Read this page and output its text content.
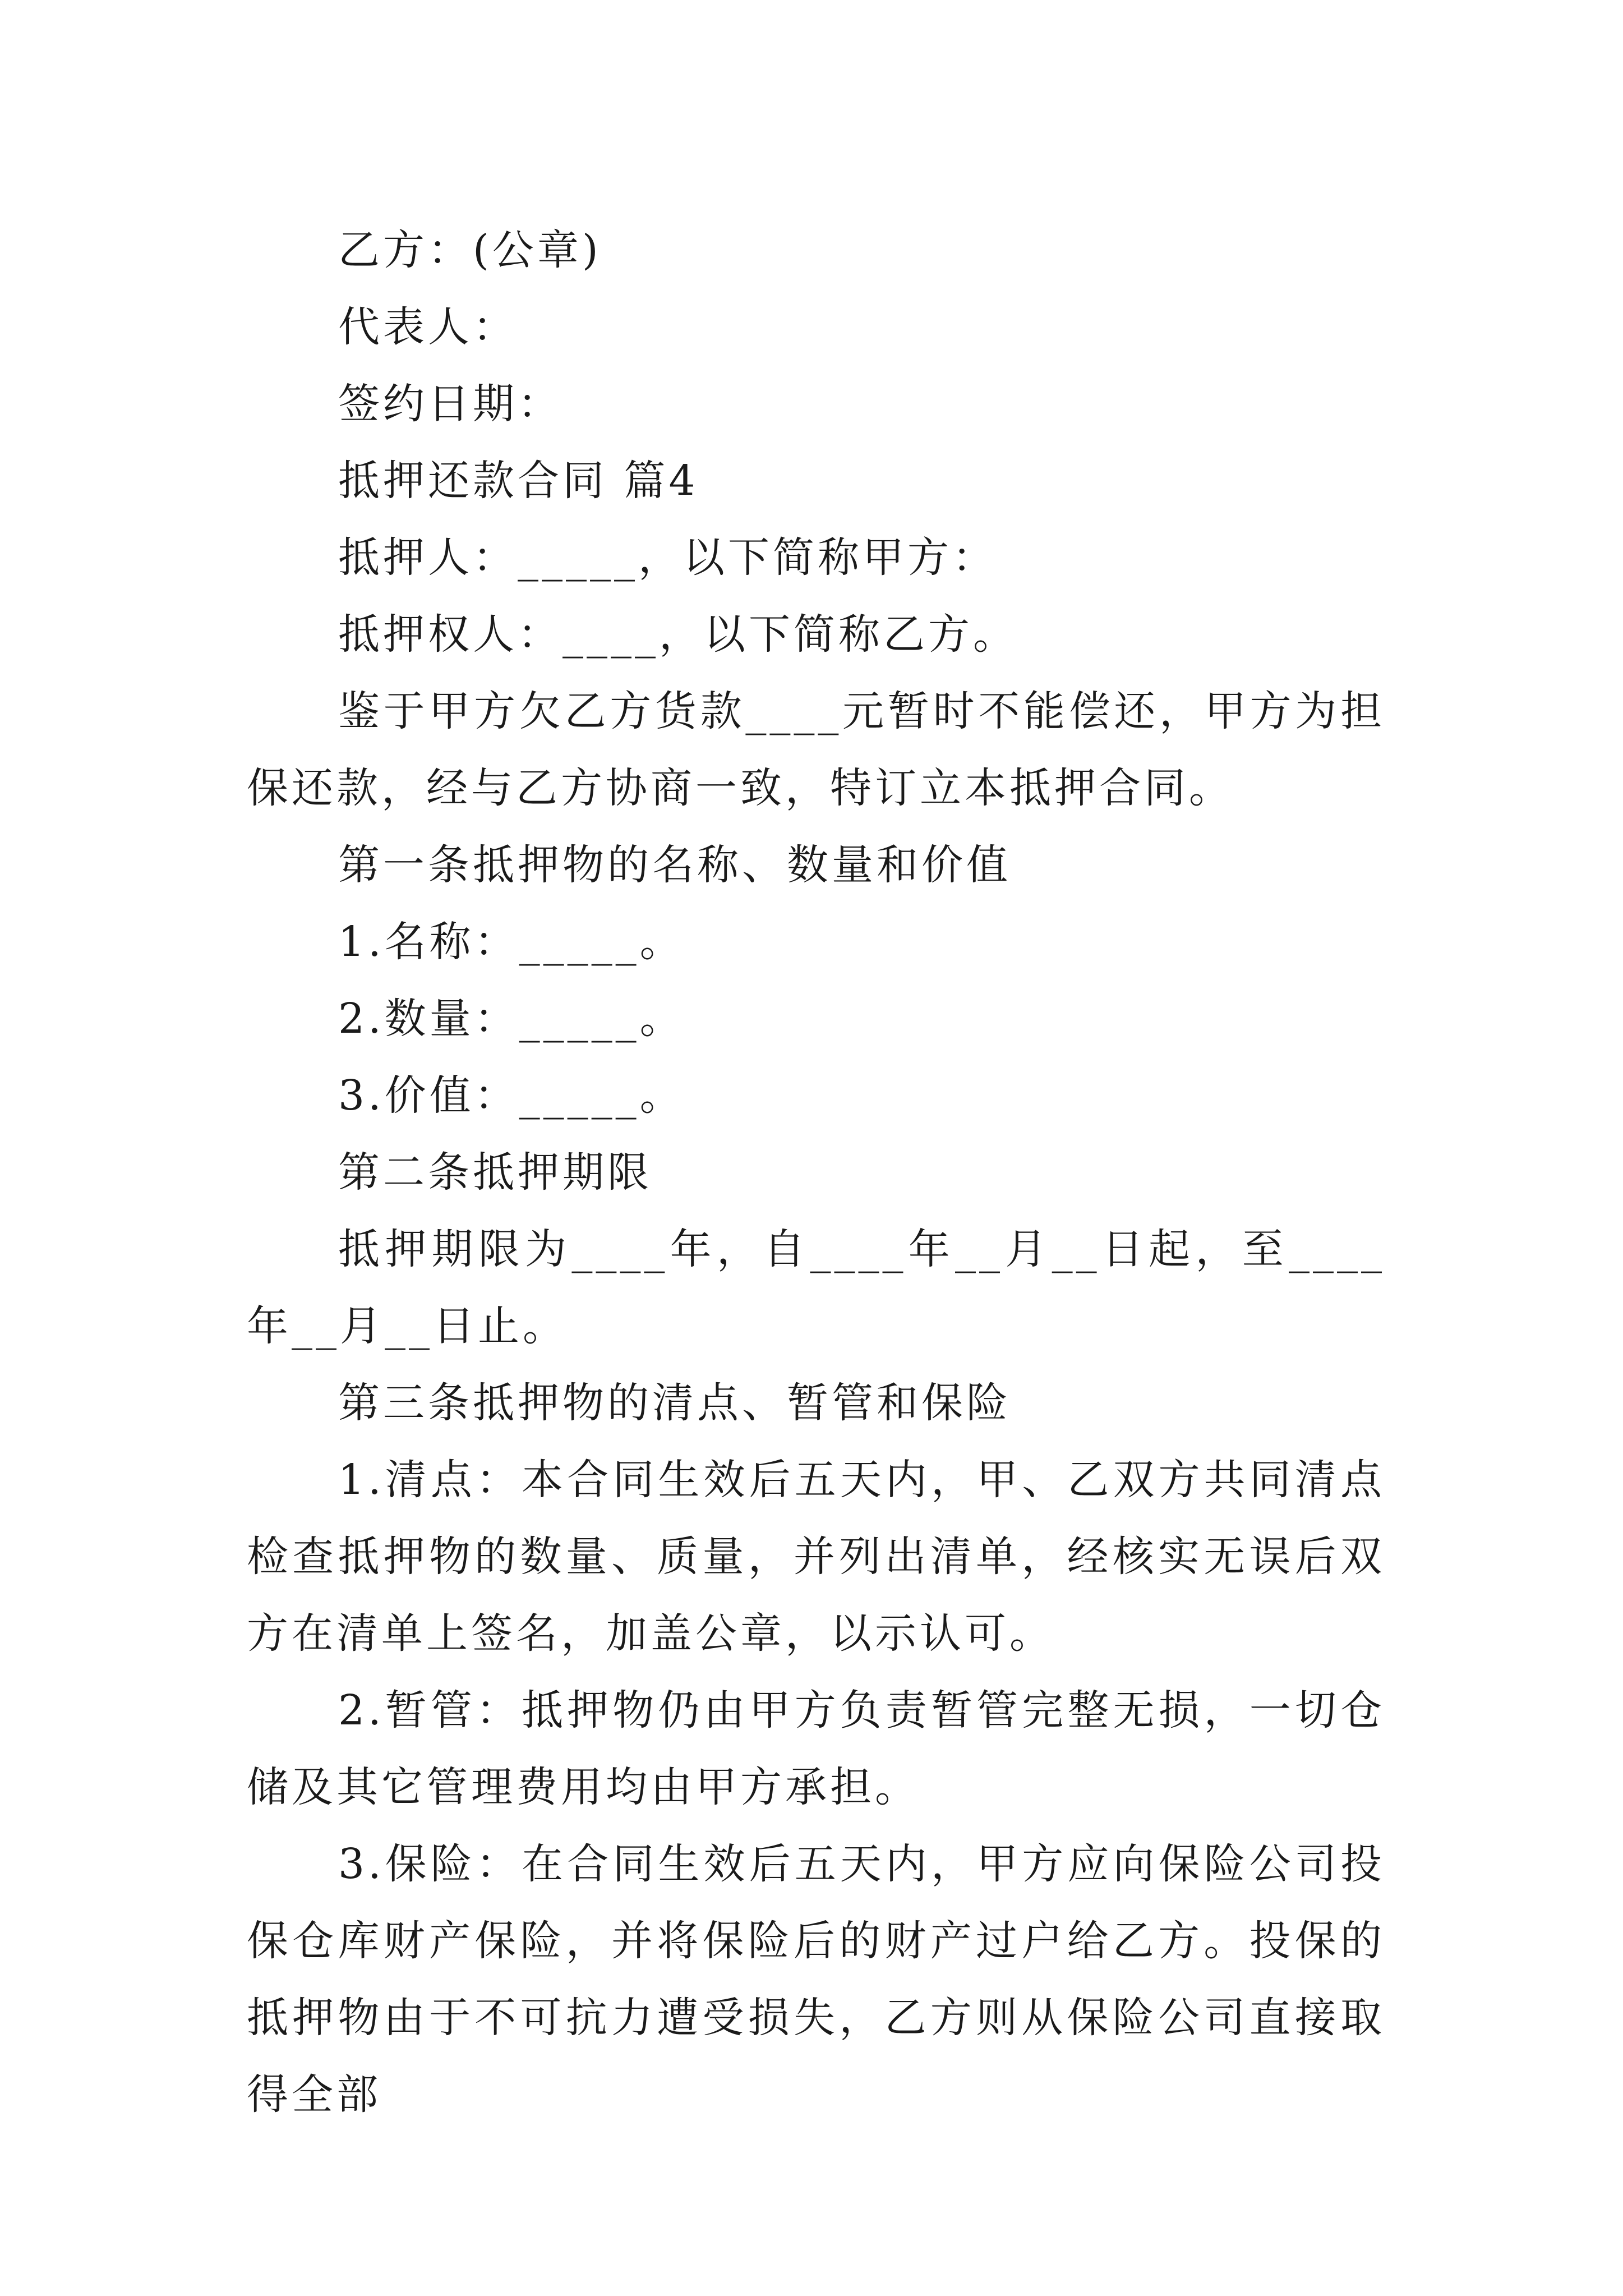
乙方：(公章)

代表人：

签约日期：

抵押还款合同 篇4

抵押人：_____，以下简称甲方：

抵押权人：____，以下简称乙方。

鉴于甲方欠乙方货款____元暂时不能偿还，甲方为担保还款，经与乙方协商一致，特订立本抵押合同。

第一条抵押物的名称、数量和价值

1.名称：_____。

2.数量：_____。

3.价值：_____。

第二条抵押期限

抵押期限为____年，自____年__月__日起，至____年__月__日止。

第三条抵押物的清点、暂管和保险

1.清点：本合同生效后五天内，甲、乙双方共同清点检查抵押物的数量、质量，并列出清单，经核实无误后双方在清单上签名，加盖公章，以示认可。

2.暂管：抵押物仍由甲方负责暂管完整无损，一切仓储及其它管理费用均由甲方承担。

3.保险：在合同生效后五天内，甲方应向保险公司投保仓库财产保险，并将保险后的财产过户给乙方。投保的抵押物由于不可抗力遭受损失，乙方则从保险公司直接取得全部
